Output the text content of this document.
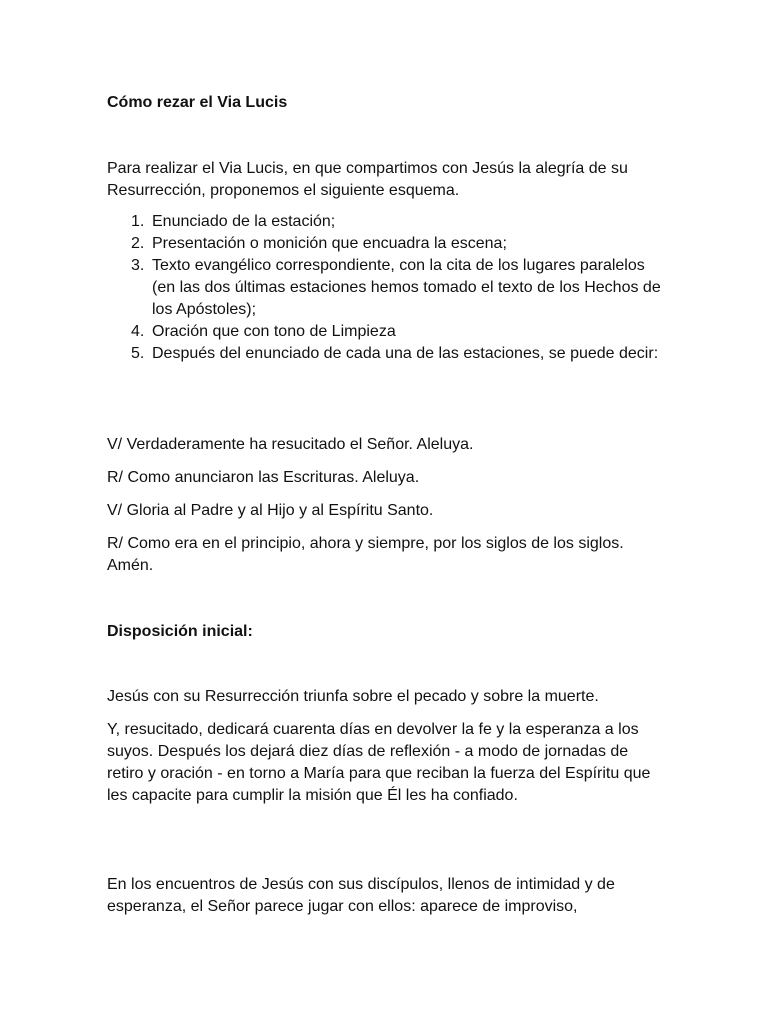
Cómo rezar el Via Lucis

Para realizar el Via Lucis, en que compartimos con Jesús la alegría de su Resurrección, proponemos el siguiente esquema.

1. Enunciado de la estación;
2. Presentación o monición que encuadra la escena;
3. Texto evangélico correspondiente, con la cita de los lugares paralelos (en las dos últimas estaciones hemos tomado el texto de los Hechos de los Apóstoles);
4. Oración que con tono de Limpieza
5. Después del enunciado de cada una de las estaciones, se puede decir:

V/ Verdaderamente ha resucitado el Señor. Aleluya.

R/ Como anunciaron las Escrituras. Aleluya.

V/ Gloria al Padre y al Hijo y al Espíritu Santo.

R/ Como era en el principio, ahora y siempre, por los siglos de los siglos. Amén.

Disposición inicial:

Jesús con su Resurrección triunfa sobre el pecado y sobre la muerte.

Y, resucitado, dedicará cuarenta días en devolver la fe y la esperanza a los suyos. Después los dejará diez días de reflexión - a modo de jornadas de retiro y oración - en torno a María para que reciban la fuerza del Espíritu que les capacite para cumplir la misión que Él les ha confiado.

En los encuentros de Jesús con sus discípulos, llenos de intimidad y de esperanza, el Señor parece jugar con ellos: aparece de improviso,
